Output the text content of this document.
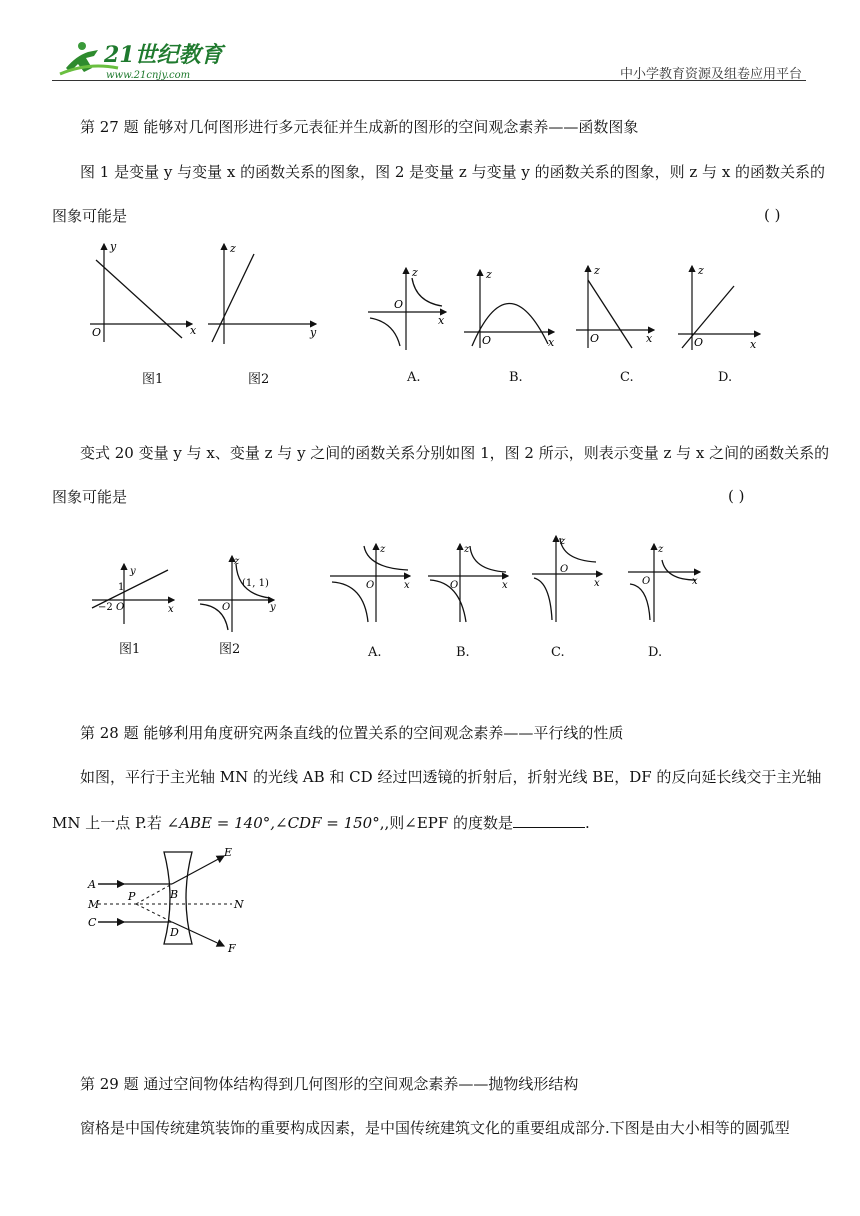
21世纪教育
www.21cnjy.com	中小学教育资源及组卷应用平台
第 27 题 能够对几何图形进行多元表征并生成新的图形的空间观念素养——函数图象
图 1 是变量 y 与变量 x 的函数关系的图象，图 2 是变量 z 与变量 y 的函数关系的图象，则 z 与 x 的函数关系的
图象可能是	( )
y
x
O
图1
z
y
图2
z
x
O
A.
z
x
O
B.
z
x
O
C.
z
x
O
D.
变式 20 变量 y 与 x、变量 z 与 y 之间的函数关系分别如图 1，图 2 所示，则表示变量 z 与 x 之间的函数关系的
图象可能是	( )
y
x
O
1
−2
图1
z
y
O
(1, 1)
图2
z
x
O
A.
z
x
O
B.
z
x
O
C.
z
x
O
D.
第 28 题 能够利用角度研究两条直线的位置关系的空间观念素养——平行线的性质
如图，平行于主光轴 MN 的光线 AB 和 CD 经过凹透镜的折射后，折射光线 BE，DF 的反向延长线交于主光轴
MN 上一点 P.若 ∠ABE = 140°,∠CDF = 150°,,则∠EPF 的度数是	.
A
M
C
P	B
D
E
F
N
第 29 题 通过空间物体结构得到几何图形的空间观念素养——抛物线形结构
窗格是中国传统建筑装饰的重要构成因素，是中国传统建筑文化的重要组成部分.下图是由大小相等的圆弧型
